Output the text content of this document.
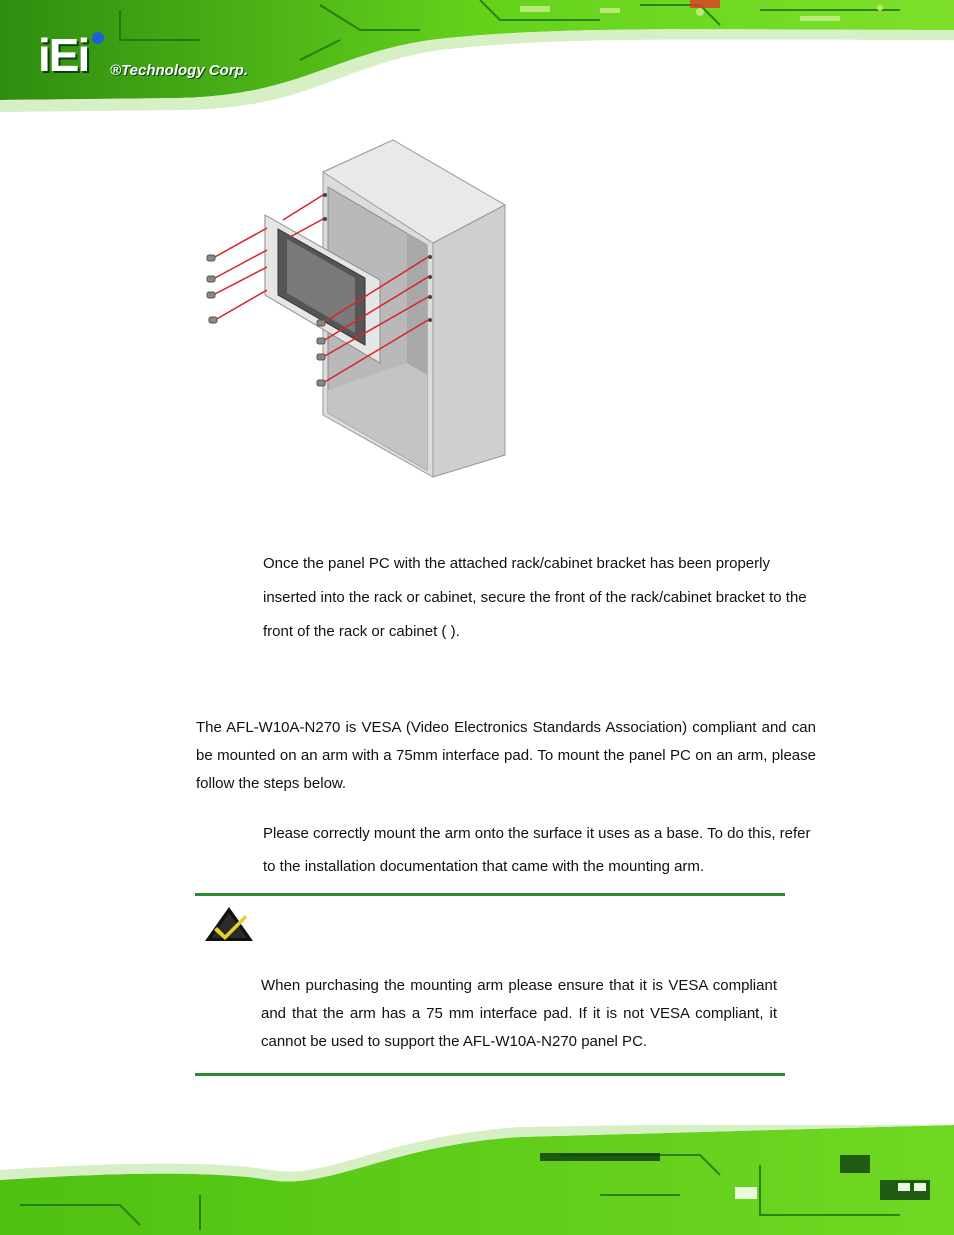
iEi ®Technology Corp.

Once the panel PC with the attached rack/cabinet bracket has been properly inserted into the rack or cabinet, secure the front of the rack/cabinet bracket to the front of the rack or cabinet ( ).

The AFL-W10A-N270 is VESA (Video Electronics Standards Association) compliant and can be mounted on an arm with a 75mm interface pad. To mount the panel PC on an arm, please follow the steps below.

Please correctly mount the arm onto the surface it uses as a base. To do this, refer to the installation documentation that came with the mounting arm.

When purchasing the mounting arm please ensure that it is VESA compliant and that the arm has a 75 mm interface pad. If it is not VESA compliant, it cannot be used to support the AFL-W10A-N270 panel PC.
